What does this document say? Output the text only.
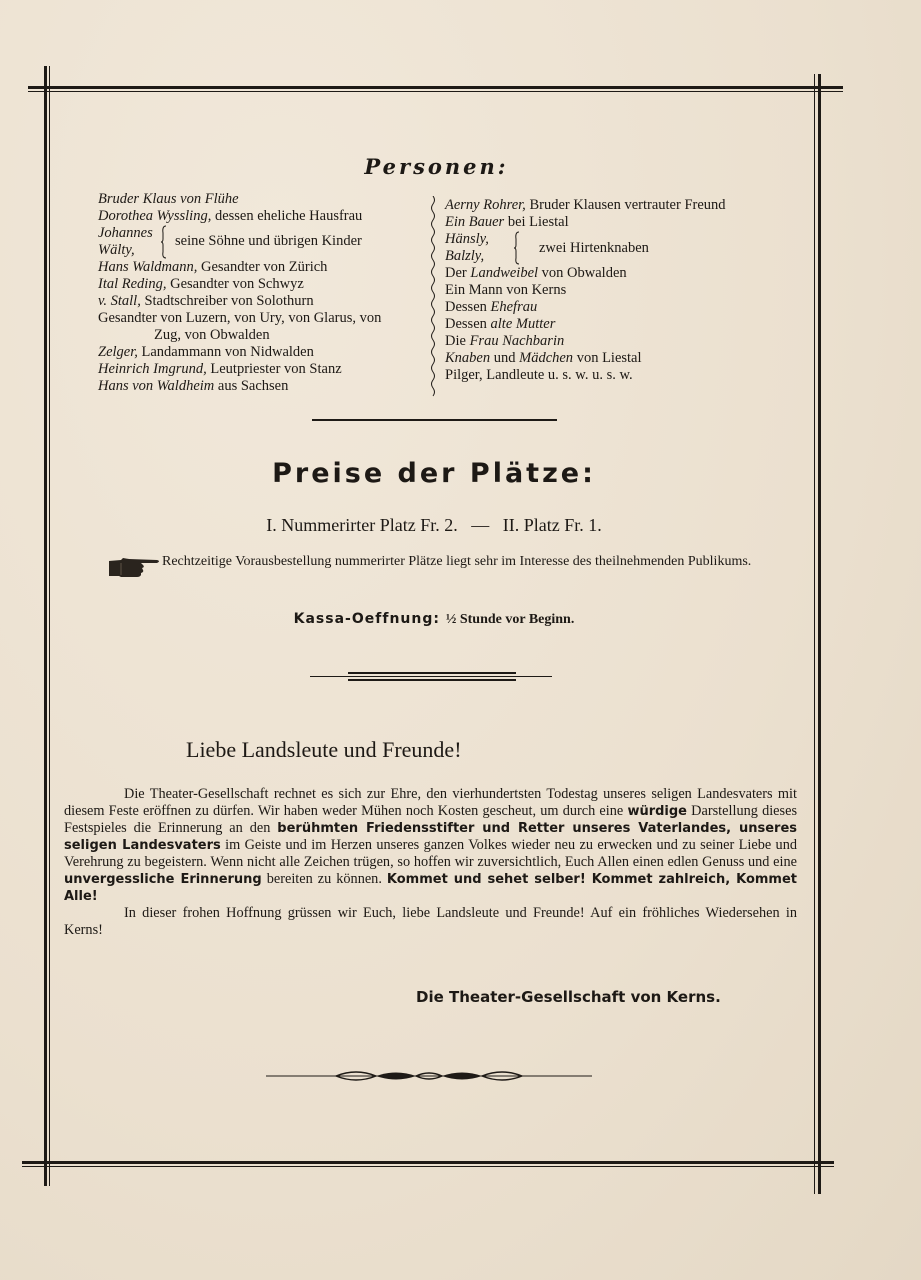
Personen:
Bruder Klaus von Flühe
Dorothea Wyssling, dessen eheliche Hausfrau
Johannes
Wälty,
seine Söhne und übrigen Kinder
Hans Waldmann, Gesandter von Zürich
Ital Reding, Gesandter von Schwyz
v. Stall, Stadtschreiber von Solothurn
Gesandter von Luzern, von Ury, von Glarus, von
Zug, von Obwalden
Zelger, Landammann von Nidwalden
Heinrich Imgrund, Leutpriester von Stanz
Hans von Waldheim aus Sachsen
Aerny Rohrer, Bruder Klausen vertrauter Freund
Ein Bauer bei Liestal
Hänsly,
Balzly,	zwei Hirtenknaben
Der Landweibel von Obwalden
Ein Mann von Kerns
Dessen Ehefrau
Dessen alte Mutter
Die Frau Nachbarin
Knaben und Mädchen von Liestal
Pilger, Landleute u. s. w. u. s. w.
Preise der Plätze:
I. Nummerirter Platz Fr. 2.   —   II. Platz Fr. 1.
Rechtzeitige Vorausbestellung nummerirter Plätze liegt sehr im Interesse des theilnehmenden Publikums.
Kassa-Oeffnung: ½ Stunde vor Beginn.
Liebe Landsleute und Freunde!

Die Theater-Gesellschaft rechnet es sich zur Ehre, den vierhundertsten Todestag unseres seligen Landesvaters mit diesem Feste eröffnen zu dürfen. Wir haben weder Mühen noch Kosten gescheut, um durch eine würdige Darstellung dieses Festspieles die Erinnerung an den berühmten Friedensstifter und Retter unseres Vaterlandes, unseres seligen Landesvaters im Geiste und im Herzen unseres ganzen Volkes wieder neu zu erwecken und zu seiner Liebe und Verehrung zu begeistern. Wenn nicht alle Zeichen trügen, so hoffen wir zuversichtlich, Euch Allen einen edlen Genuss und eine unvergessliche Erinnerung bereiten zu können. Kommet und sehet selber! Kommet zahlreich, Kommet Alle!

In dieser frohen Hoffnung grüssen wir Euch, liebe Landsleute und Freunde! Auf ein fröhliches Wiedersehen in Kerns!

Die Theater-Gesellschaft von Kerns.
